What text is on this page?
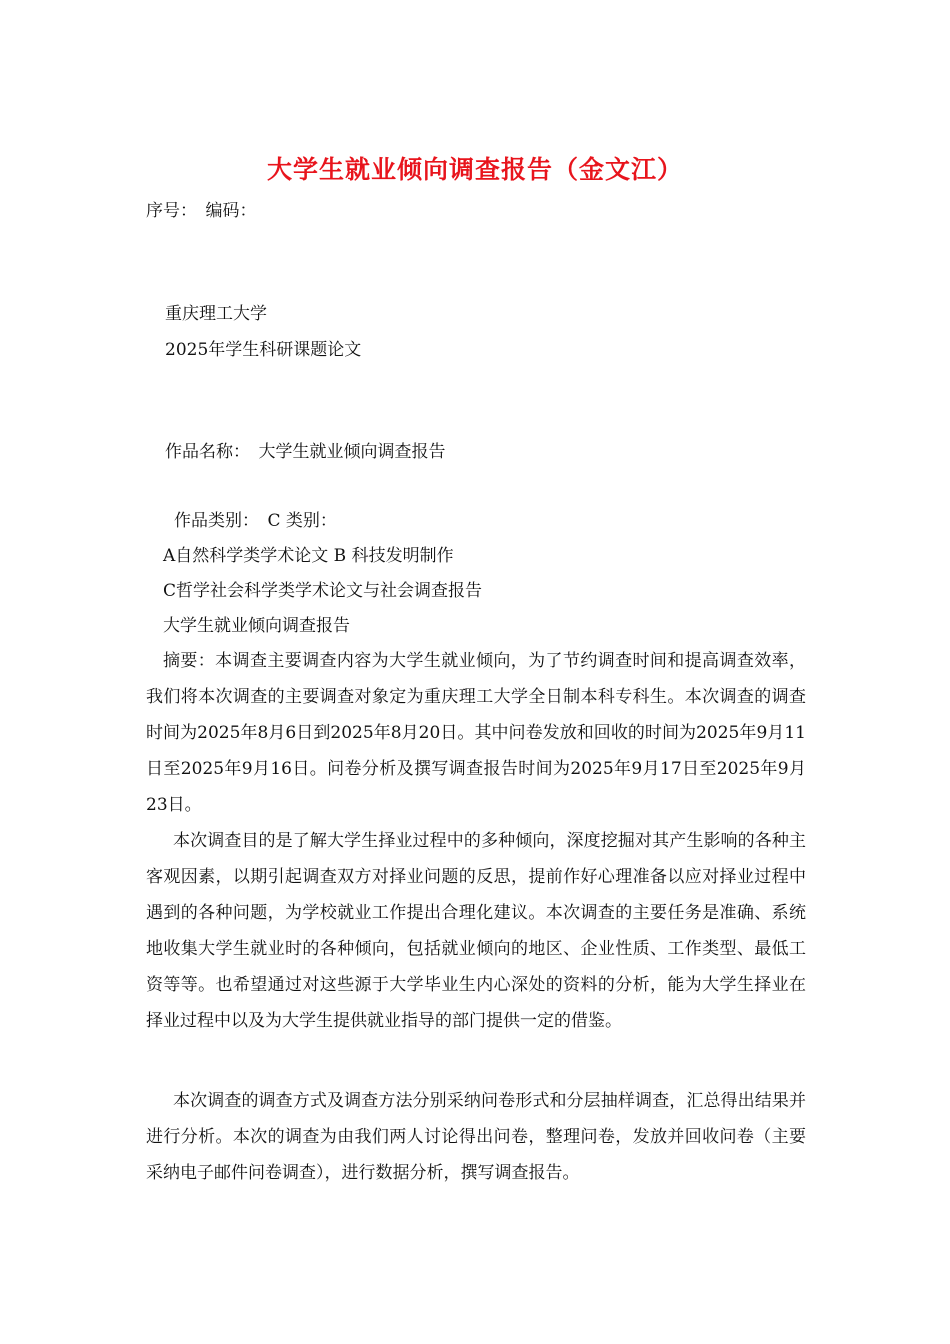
大学生就业倾向调查报告（金文江）
序号：　编码：
重庆理工大学
2025年学生科研课题论文
作品名称：　大学生就业倾向调查报告
作品类别：　C 类别：
A自然科学类学术论文 B 科技发明制作
C哲学社会科学类学术论文与社会调查报告
大学生就业倾向调查报告
摘要：本调查主要调查内容为大学生就业倾向，为了节约调查时间和提高调查效率，我们将本次调查的主要调查对象定为重庆理工大学全日制本科专科生。本次调查的调查时间为2025年8月6日到2025年8月20日。其中问卷发放和回收的时间为2025年9月11日至2025年9月16日。问卷分析及撰写调查报告时间为2025年9月17日至2025年9月23日。
本次调查目的是了解大学生择业过程中的多种倾向，深度挖掘对其产生影响的各种主客观因素，以期引起调查双方对择业问题的反思，提前作好心理准备以应对择业过程中遇到的各种问题，为学校就业工作提出合理化建议。本次调查的主要任务是准确、系统地收集大学生就业时的各种倾向，包括就业倾向的地区、企业性质、工作类型、最低工资等等。也希望通过对这些源于大学毕业生内心深处的资料的分析，能为大学生择业在择业过程中以及为大学生提供就业指导的部门提供一定的借鉴。
本次调查的调查方式及调查方法分别采纳问卷形式和分层抽样调查，汇总得出结果并进行分析。本次的调查为由我们两人讨论得出问卷，整理问卷，发放并回收问卷（主要采纳电子邮件问卷调查），进行数据分析，撰写调查报告。
